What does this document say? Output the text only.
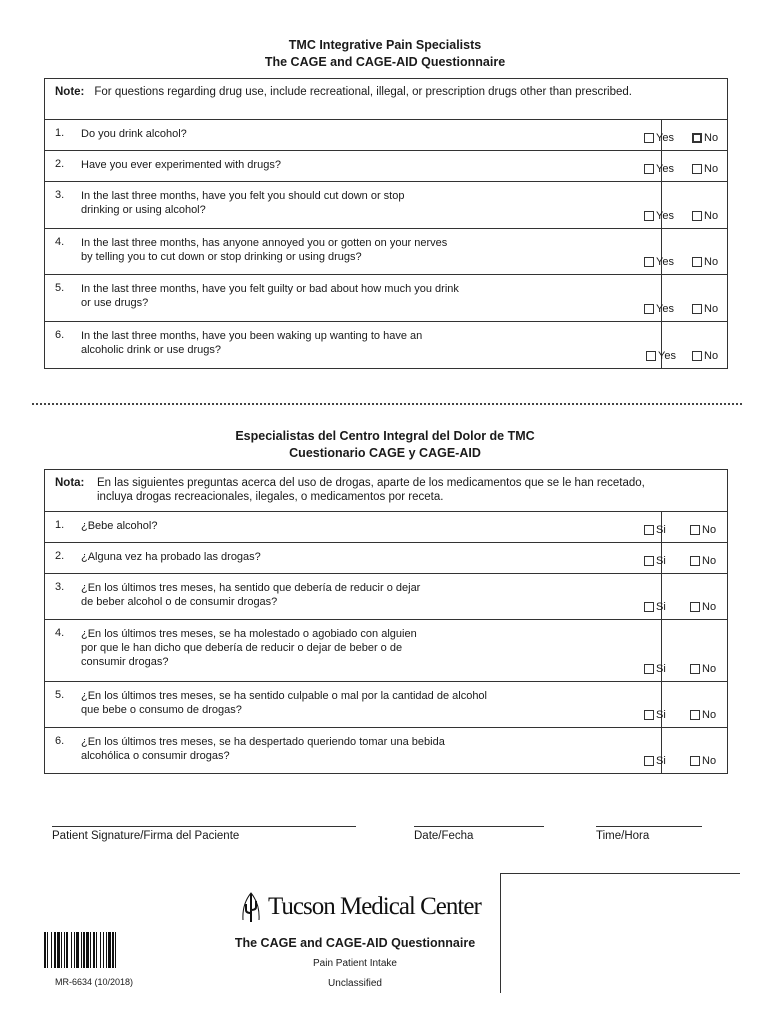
TMC Integrative Pain Specialists
The CAGE and CAGE-AID Questionnaire
Note: For questions regarding drug use, include recreational, illegal, or prescription drugs other than prescribed.
1.	Do you drink alcohol?	Yes	No
2.	Have you ever experimented with drugs?	Yes	No
3.	In the last three months, have you felt you should cut down or stop
drinking or using alcohol?	Yes	No
4.	In the last three months, has anyone annoyed you or gotten on your nerves
by telling you to cut down or stop drinking or using drugs?	Yes	No
5.	In the last three months, have you felt guilty or bad about how much you drink
or use drugs?	Yes	No
6.	In the last three months, have you been waking up wanting to have an
alcoholic drink or use drugs?	Yes	No
Especialistas del Centro Integral del Dolor de TMC
Cuestionario CAGE y CAGE-AID
Nota:	En las siguientes preguntas acerca del uso de drogas, aparte de los medicamentos que se le han recetado,
incluya drogas recreacionales, ilegales, o medicamentos por receta.
1.	¿Bebe alcohol?	Si	No
2.	¿Alguna vez ha probado las drogas?	Si	No
3.	¿En los últimos tres meses, ha sentido que debería de reducir o dejar
de beber alcohol o de consumir drogas?	Si	No
4.	¿En los últimos tres meses, se ha molestado o agobiado con alguien
por que le han dicho que debería de reducir o dejar de beber o de
consumir drogas?
Si	No
5.	¿En los últimos tres meses, se ha sentido culpable o mal por la cantidad de alcohol
que bebe o consumo de drogas?	Si	No
6.	¿En los últimos tres meses, se ha despertado queriendo tomar una bebida
alcohólica o consumir drogas?	Si	No
Patient Signature/Firma del Paciente	Date/Fecha	Time/Hora
Tucson Medical Center
The CAGE and CAGE-AID Questionnaire
Pain Patient Intake
Unclassified
MR-6634 (10/2018)
